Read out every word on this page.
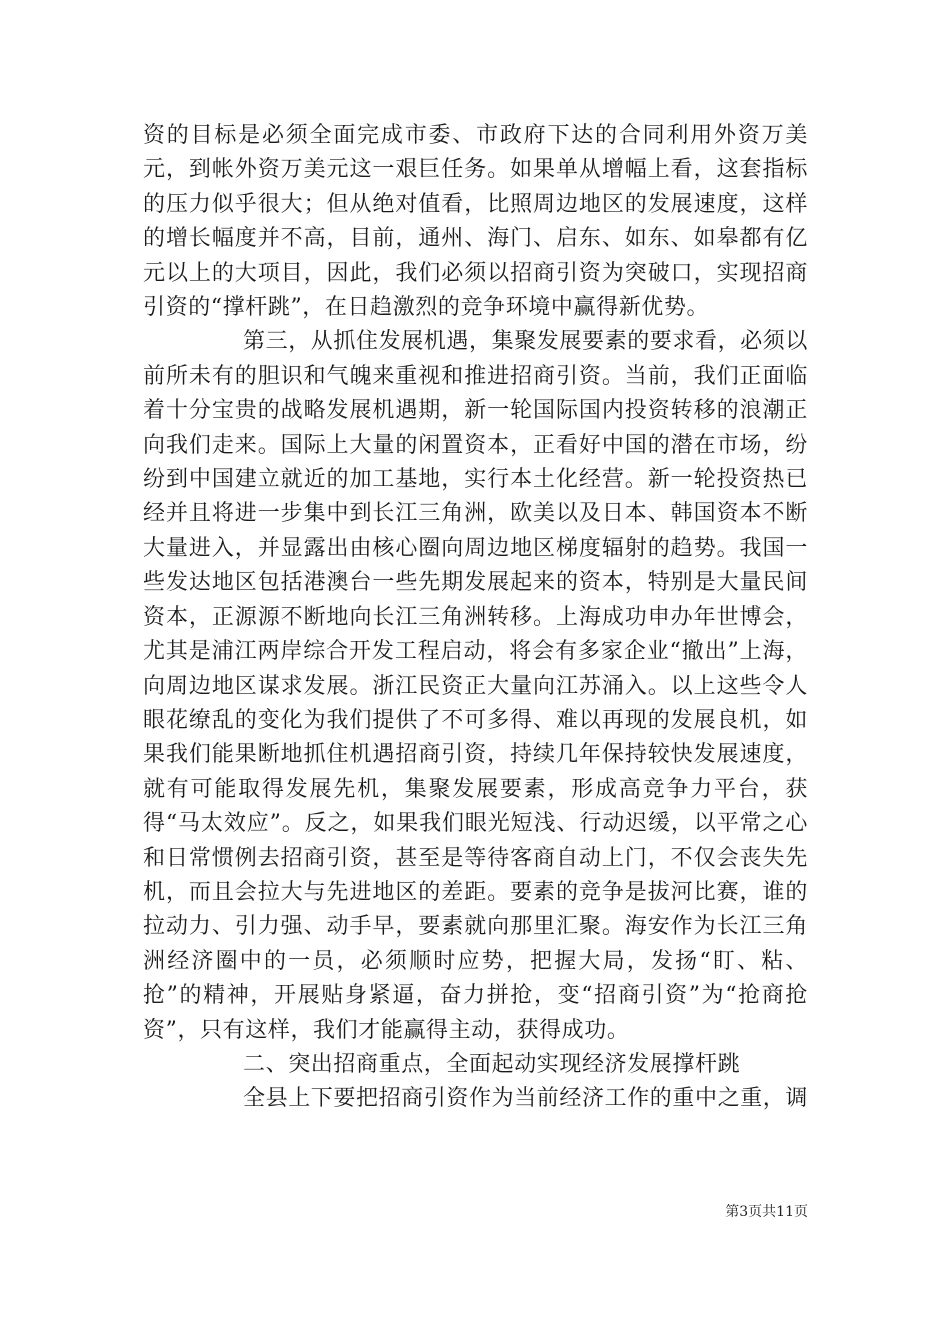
资的目标是必须全面完成市委、市政府下达的合同利用外资万美元，到帐外资万美元这一艰巨任务。如果单从增幅上看，这套指标的压力似乎很大；但从绝对值看，比照周边地区的发展速度，这样的增长幅度并不高，目前，通州、海门、启东、如东、如皋都有亿元以上的大项目，因此，我们必须以招商引资为突破口，实现招商引资的“撑杆跳”，在日趋激烈的竞争环境中赢得新优势。

第三，从抓住发展机遇，集聚发展要素的要求看，必须以前所未有的胆识和气魄来重视和推进招商引资。当前，我们正面临着十分宝贵的战略发展机遇期，新一轮国际国内投资转移的浪潮正向我们走来。国际上大量的闲置资本，正看好中国的潜在市场，纷纷到中国建立就近的加工基地，实行本土化经营。新一轮投资热已经并且将进一步集中到长江三角洲，欧美以及日本、韩国资本不断大量进入，并显露出由核心圈向周边地区梯度辐射的趋势。我国一些发达地区包括港澳台一些先期发展起来的资本，特别是大量民间资本，正源源不断地向长江三角洲转移。上海成功申办年世博会，尤其是浦江两岸综合开发工程启动，将会有多家企业“撤出”上海，向周边地区谋求发展。浙江民资正大量向江苏涌入。以上这些令人眼花缭乱的变化为我们提供了不可多得、难以再现的发展良机，如果我们能果断地抓住机遇招商引资，持续几年保持较快发展速度，就有可能取得发展先机，集聚发展要素，形成高竞争力平台，获得“马太效应”。反之，如果我们眼光短浅、行动迟缓，以平常之心和日常惯例去招商引资，甚至是等待客商自动上门，不仅会丧失先机，而且会拉大与先进地区的差距。要素的竞争是拔河比赛，谁的拉动力、引力强、动手早，要素就向那里汇聚。海安作为长江三角洲经济圈中的一员，必须顺时应势，把握大局，发扬“盯、粘、抢”的精神，开展贴身紧逼，奋力拼抢，变“招商引资”为“抢商抢资”，只有这样，我们才能赢得主动，获得成功。

二、突出招商重点，全面起动实现经济发展撑杆跳

全县上下要把招商引资作为当前经济工作的重中之重，调

第3页共11页
